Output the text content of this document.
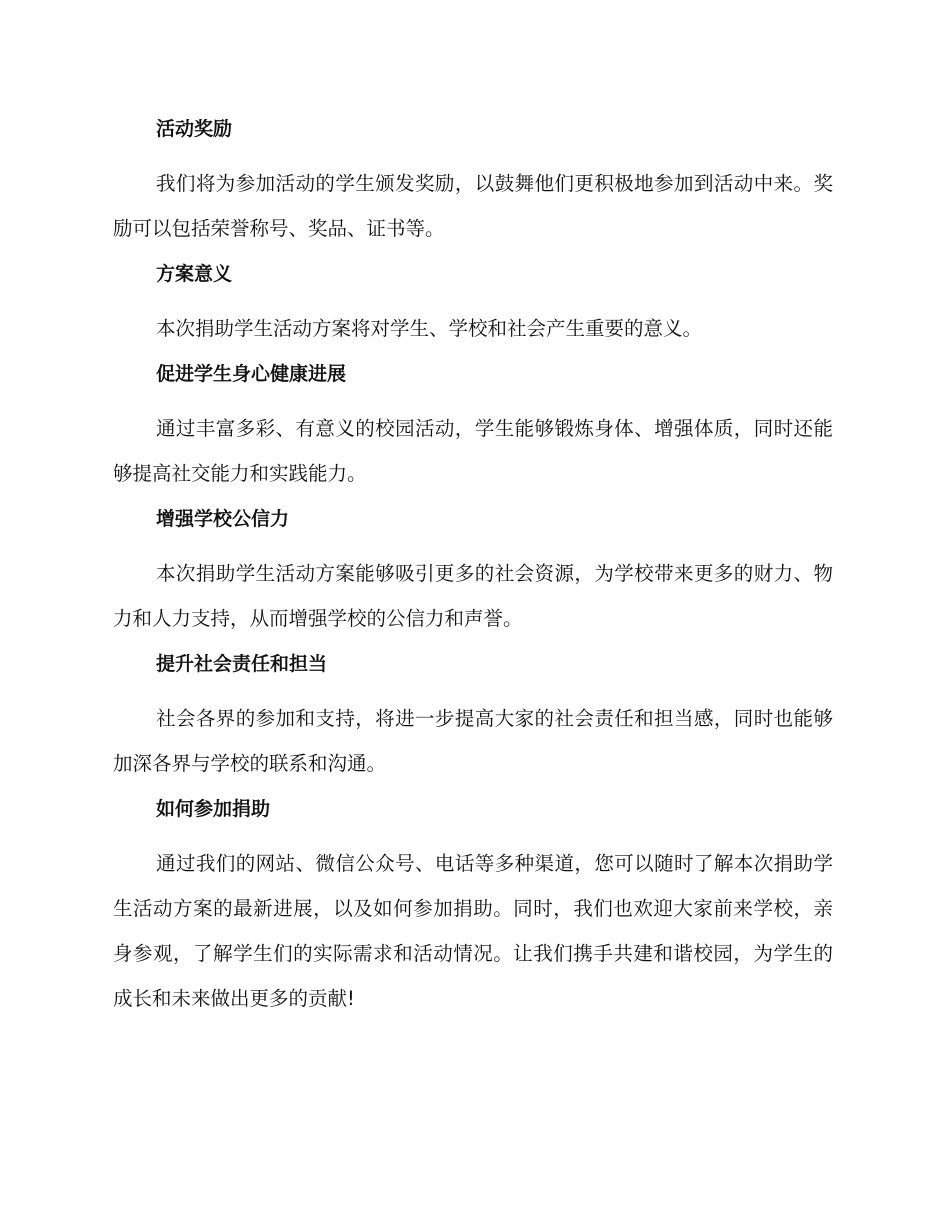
活动奖励

我们将为参加活动的学生颁发奖励，以鼓舞他们更积极地参加到活动中来。奖励可以包括荣誉称号、奖品、证书等。

方案意义

本次捐助学生活动方案将对学生、学校和社会产生重要的意义。

促进学生身心健康进展

通过丰富多彩、有意义的校园活动，学生能够锻炼身体、增强体质，同时还能够提高社交能力和实践能力。

增强学校公信力

本次捐助学生活动方案能够吸引更多的社会资源，为学校带来更多的财力、物力和人力支持，从而增强学校的公信力和声誉。

提升社会责任和担当

社会各界的参加和支持，将进一步提高大家的社会责任和担当感，同时也能够加深各界与学校的联系和沟通。

如何参加捐助

通过我们的网站、微信公众号、电话等多种渠道，您可以随时了解本次捐助学生活动方案的最新进展，以及如何参加捐助。同时，我们也欢迎大家前来学校，亲身参观，了解学生们的实际需求和活动情况。让我们携手共建和谐校园，为学生的成长和未来做出更多的贡献!
